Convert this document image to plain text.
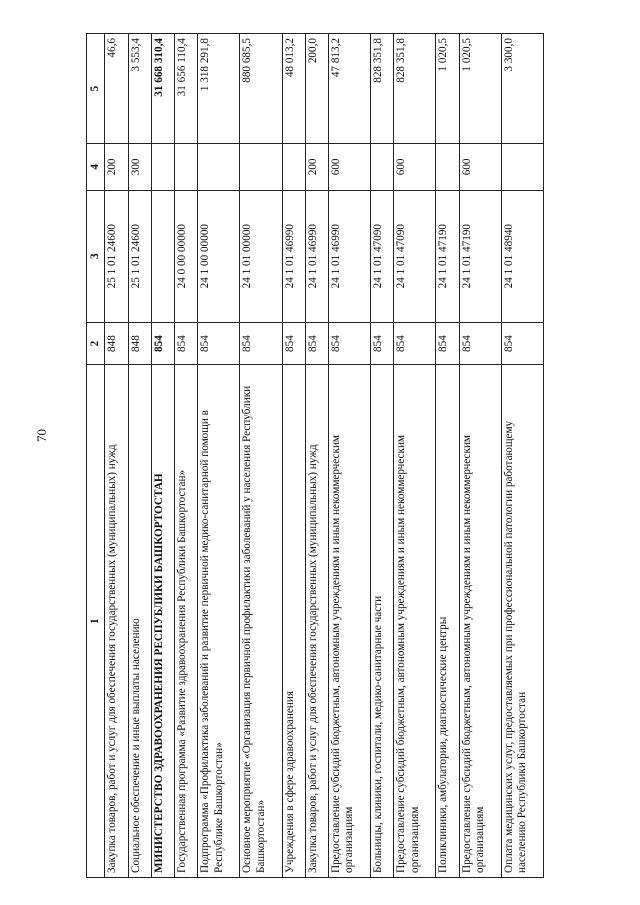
70
1	2	3	4	5
Закупка товаров, работ и услуг для обеспечения государственных (муниципальных) нужд	848	25 1 01 24600	200	46,6
Социальное обеспечение и иные выплаты населению	848	25 1 01 24600	300	3 553,4
МИНИСТЕРСТВО ЗДРАВООХРАНЕНИЯ РЕСПУБЛИКИ БАШКОРТОСТАН	854			31 668 310,4
Государственная программа «Развитие здравоохранения Республики Башкортостан»	854	24 0 00 00000		31 656 110,4
Подпрограмма «Профилактика заболеваний и развитие первичной медико-санитарной помощи в Республике Башкортостан»	854	24 1 00 00000		1 318 291,8
Основное мероприятие «Организация первичной профилактики заболеваний у населения Республики Башкортостан»	854	24 1 01 00000		880 685,5
Учреждения в сфере здравоохранения	854	24 1 01 46990		48 013,2
Закупка товаров, работ и услуг для обеспечения государственных (муниципальных) нужд	854	24 1 01 46990	200	200,0
Предоставление субсидий бюджетным, автономным учреждениям и иным некоммерческим организациям	854	24 1 01 46990	600	47 813,2
Больницы, клиники, госпитали, медико-санитарные части	854	24 1 01 47090		828 351,8
Предоставление субсидий бюджетным, автономным учреждениям и иным некоммерческим организациям	854	24 1 01 47090	600	828 351,8
Поликлиники, амбулатории, диагностические центры	854	24 1 01 47190		1 020,5
Предоставление субсидий бюджетным, автономным учреждениям и иным некоммерческим организациям	854	24 1 01 47190	600	1 020,5
Оплата медицинских услуг, предоставляемых при профессиональной патологии работающему населению Республики Башкортостан	854	24 1 01 48940		3 300,0
